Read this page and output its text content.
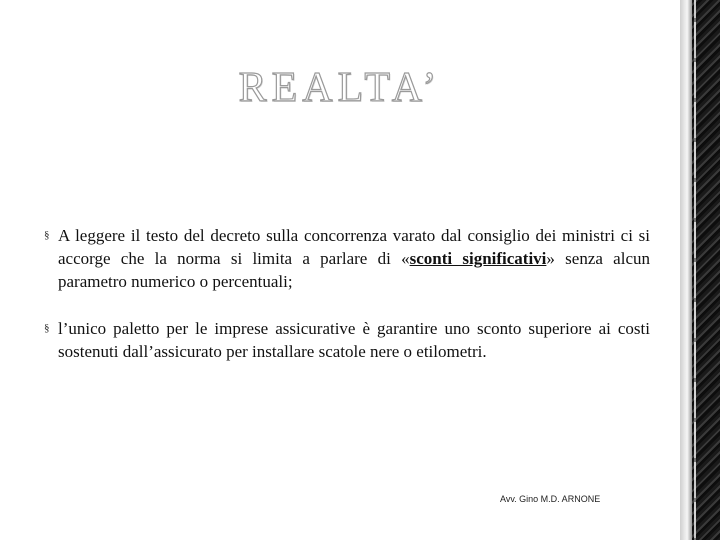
REALTA’
§ A leggere il testo del decreto sulla concorrenza varato dal consiglio dei ministri ci si accorge che la norma si limita a parlare di «sconti significativi» senza alcun parametro numerico o percentuali;
§ l’unico paletto per le imprese assicurative è garantire uno sconto superiore ai costi sostenuti dall’assicurato per installare scatole nere o etilometri.
Avv. Gino M.D. ARNONE
